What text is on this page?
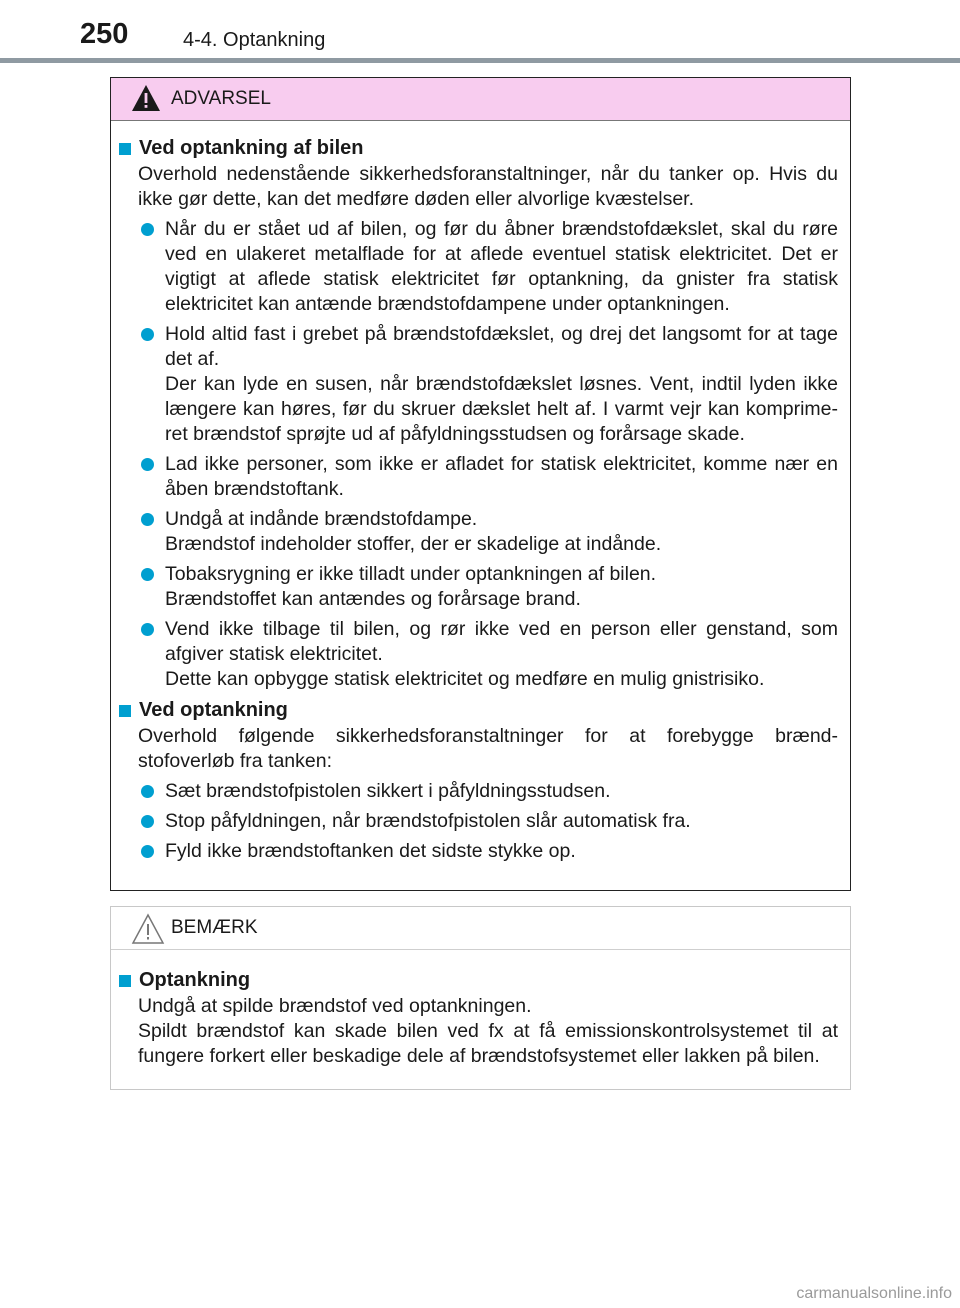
250	4-4. Optankning
ADVARSEL
Ved optankning af bilen

Overhold nedenstående sikkerhedsforanstaltninger, når du tanker op. Hvis du ikke gør dette, kan det medføre døden eller alvorlige kvæstelser.

Når du er stået ud af bilen, og før du åbner brændstofdækslet, skal du røre ved en ulakeret metalflade for at aflede eventuel statisk elektricitet. Det er vigtigt at aflede statisk elektricitet før optankning, da gnister fra statisk elektricitet kan antænde brændstofdampene under optankningen.
Hold altid fast i grebet på brændstofdækslet, og drej det langsomt for at tage det af.
Der kan lyde en susen, når brændstofdækslet løsnes. Vent, indtil lyden ikke længere kan høres, før du skruer dækslet helt af. I varmt vejr kan komprime-ret brændstof sprøjte ud af påfyldningsstudsen og forårsage skade.
Lad ikke personer, som ikke er afladet for statisk elektricitet, komme nær en åben brændstoftank.
Undgå at indånde brændstofdampe.
Brændstof indeholder stoffer, der er skadelige at indånde.
Tobaksrygning er ikke tilladt under optankningen af bilen.
Brændstoffet kan antændes og forårsage brand.
Vend ikke tilbage til bilen, og rør ikke ved en person eller genstand, som afgiver statisk elektricitet.
Dette kan opbygge statisk elektricitet og medføre en mulig gnistrisiko.
Ved optankning

Overhold følgende sikkerhedsforanstaltninger for at forebygge brænd-stofoverløb fra tanken:

Sæt brændstofpistolen sikkert i påfyldningsstudsen.
Stop påfyldningen, når brændstofpistolen slår automatisk fra.
Fyld ikke brændstoftanken det sidste stykke op.
BEMÆRK
Optankning

Undgå at spilde brændstof ved optankningen.
Spildt brændstof kan skade bilen ved fx at få emissionskontrolsystemet til at fungere forkert eller beskadige dele af brændstofsystemet eller lakken på bilen.

carmanualsonline.info
